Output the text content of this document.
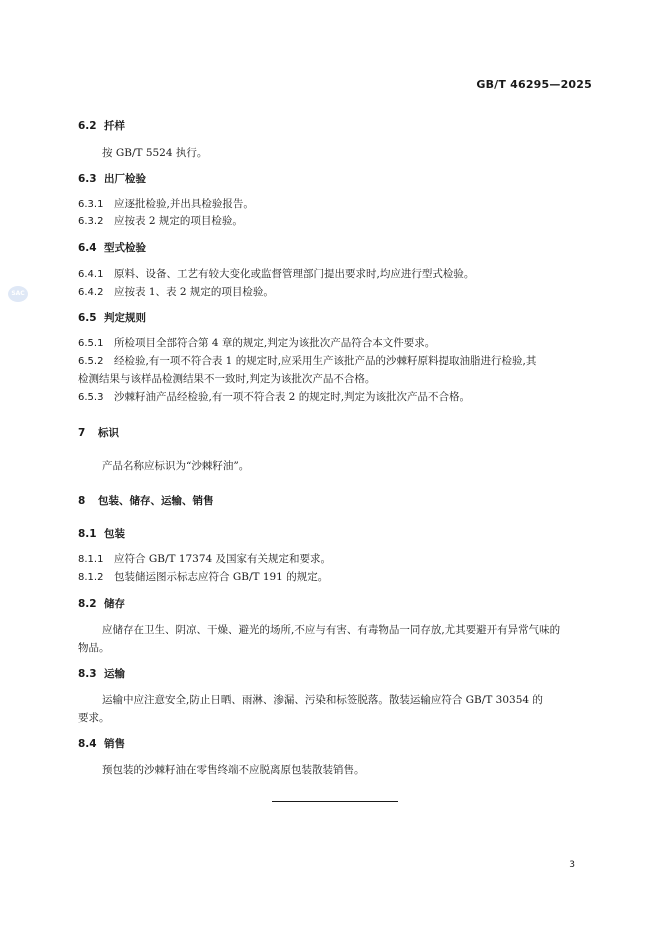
GB/T 46295—2025
SAC
6.2 扦样
按 GB/T 5524 执行。
6.3 出厂检验
6.3.1 应逐批检验,并出具检验报告。
6.3.2 应按表 2 规定的项目检验。
6.4 型式检验
6.4.1 原料、设备、工艺有较大变化或监督管理部门提出要求时,均应进行型式检验。
6.4.2 应按表 1、表 2 规定的项目检验。
6.5 判定规则
6.5.1 所检项目全部符合第 4 章的规定,判定为该批次产品符合本文件要求。
6.5.2 经检验,有一项不符合表 1 的规定时,应采用生产该批产品的沙棘籽原料提取油脂进行检验,其
检测结果与该样品检测结果不一致时,判定为该批次产品不合格。
6.5.3 沙棘籽油产品经检验,有一项不符合表 2 的规定时,判定为该批次产品不合格。
7 标识
产品名称应标识为“沙棘籽油”。
8 包装、储存、运输、销售
8.1 包装
8.1.1 应符合 GB/T 17374 及国家有关规定和要求。
8.1.2 包装储运图示标志应符合 GB/T 191 的规定。
8.2 储存
应储存在卫生、阴凉、干燥、避光的场所,不应与有害、有毒物品一同存放,尤其要避开有异常气味的
物品。
8.3 运输
运输中应注意安全,防止日晒、雨淋、渗漏、污染和标签脱落。散装运输应符合 GB/T 30354 的
要求。
8.4 销售
预包装的沙棘籽油在零售终端不应脱离原包装散装销售。
3
